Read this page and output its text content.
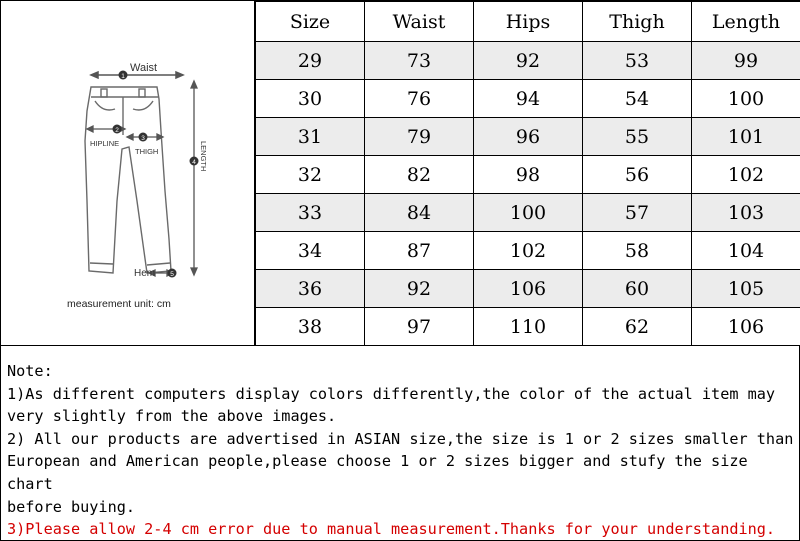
1
Waist
2
HIPLINE
3
THIGH
4 LENGTH
5
Hem
measurement unit: cm
Size	Waist	Hips	Thigh	Length
29	73	92	53	99
30	76	94	54	100
31	79	96	55	101
32	82	98	56	102
33	84	100	57	103
34	87	102	58	104
36	92	106	60	105
38	97	110	62	106

Note:

1)As different computers display colors differently,the color of the actual item may

very slightly from the above images.

2) All our products are advertised in ASIAN size,the size is 1 or 2 sizes smaller than

European and American people,please choose 1 or 2 sizes bigger and stufy the size chart

before buying.

3)Please allow 2-4 cm error due to manual measurement.Thanks for your understanding.
